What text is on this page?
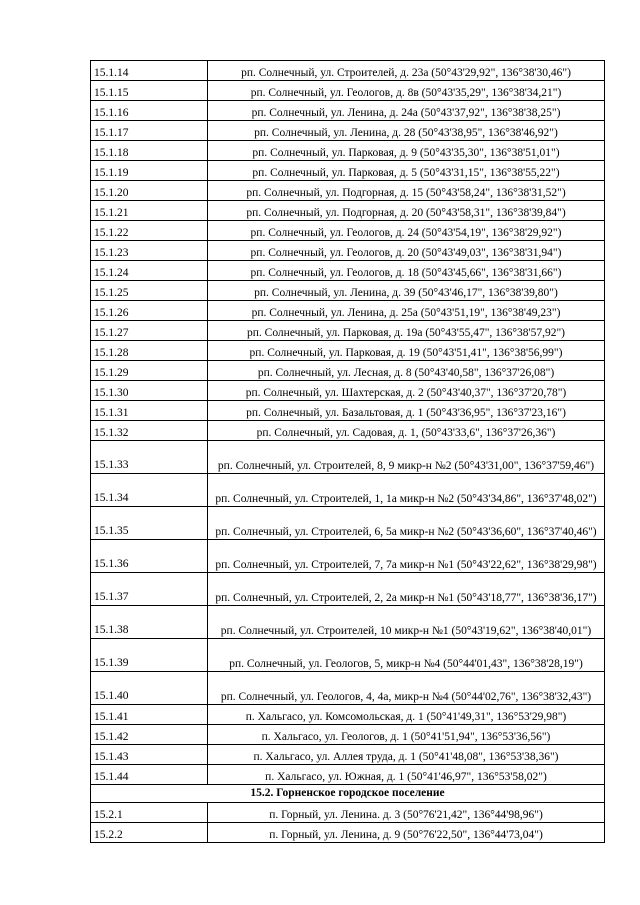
15.1.14	рп. Солнечный, ул. Строителей, д. 23а (50°43'29,92", 136°38'30,46")
15.1.15	рп. Солнечный, ул. Геологов, д. 8в (50°43'35,29", 136°38'34,21")
15.1.16	рп. Солнечный, ул. Ленина, д. 24а (50°43'37,92", 136°38'38,25")
15.1.17	рп. Солнечный, ул. Ленина, д. 28 (50°43'38,95", 136°38'46,92")
15.1.18	рп. Солнечный, ул. Парковая, д. 9 (50°43'35,30", 136°38'51,01")
15.1.19	рп. Солнечный, ул. Парковая, д. 5 (50°43'31,15", 136°38'55,22")
15.1.20	рп. Солнечный, ул. Подгорная, д. 15 (50°43'58,24", 136°38'31,52")
15.1.21	рп. Солнечный, ул. Подгорная, д. 20 (50°43'58,31", 136°38'39,84")
15.1.22	рп. Солнечный, ул. Геологов, д. 24 (50°43'54,19", 136°38'29,92")
15.1.23	рп. Солнечный, ул. Геологов, д. 20 (50°43'49,03", 136°38'31,94")
15.1.24	рп. Солнечный, ул. Геологов, д. 18 (50°43'45,66", 136°38'31,66")
15.1.25	рп. Солнечный, ул. Ленина, д. 39 (50°43'46,17", 136°38'39,80")
15.1.26	рп. Солнечный, ул. Ленина, д. 25а (50°43'51,19", 136°38'49,23")
15.1.27	рп. Солнечный, ул. Парковая, д. 19а (50°43'55,47", 136°38'57,92")
15.1.28	рп. Солнечный, ул. Парковая, д. 19 (50°43'51,41", 136°38'56,99")
15.1.29	рп. Солнечный, ул. Лесная, д. 8 (50°43'40,58", 136°37'26,08")
15.1.30	рп. Солнечный, ул. Шахтерская, д. 2 (50°43'40,37", 136°37'20,78")
15.1.31	рп. Солнечный, ул. Базальтовая, д. 1 (50°43'36,95", 136°37'23,16")
15.1.32	рп. Солнечный, ул. Садовая, д. 1, (50°43'33,6", 136°37'26,36")
15.1.33	рп. Солнечный, ул. Строителей, 8, 9 микр-н №2 (50°43'31,00", 136°37'59,46")
15.1.34	рп. Солнечный, ул. Строителей, 1, 1а микр-н №2 (50°43'34,86", 136°37'48,02")
15.1.35	рп. Солнечный, ул. Строителей, 6, 5а микр-н №2 (50°43'36,60", 136°37'40,46")
15.1.36	рп. Солнечный, ул. Строителей, 7, 7а микр-н №1 (50°43'22,62", 136°38'29,98")
15.1.37	рп. Солнечный, ул. Строителей, 2, 2а микр-н №1 (50°43'18,77", 136°38'36,17")
15.1.38	рп. Солнечный, ул. Строителей, 10 микр-н №1 (50°43'19,62", 136°38'40,01")
15.1.39	рп. Солнечный, ул. Геологов, 5, микр-н №4 (50°44'01,43", 136°38'28,19")
15.1.40	рп. Солнечный, ул. Геологов, 4, 4а, микр-н №4 (50°44'02,76", 136°38'32,43")
15.1.41	п. Хальгасо, ул. Комсомольская, д. 1 (50°41'49,31", 136°53'29,98")
15.1.42	п. Хальгасо, ул. Геологов, д. 1 (50°41'51,94", 136°53'36,56")
15.1.43	п. Хальгасо, ул. Аллея труда, д. 1 (50°41'48,08", 136°53'38,36")
15.1.44	п. Хальгасо, ул. Южная, д. 1 (50°41'46,97", 136°53'58,02")
15.2. Горненское городское поселение	
15.2.1	п. Горный, ул. Ленина. д. 3 (50°76'21,42", 136°44'98,96")
15.2.2	п. Горный, ул. Ленина, д. 9 (50°76'22,50", 136°44'73,04")
